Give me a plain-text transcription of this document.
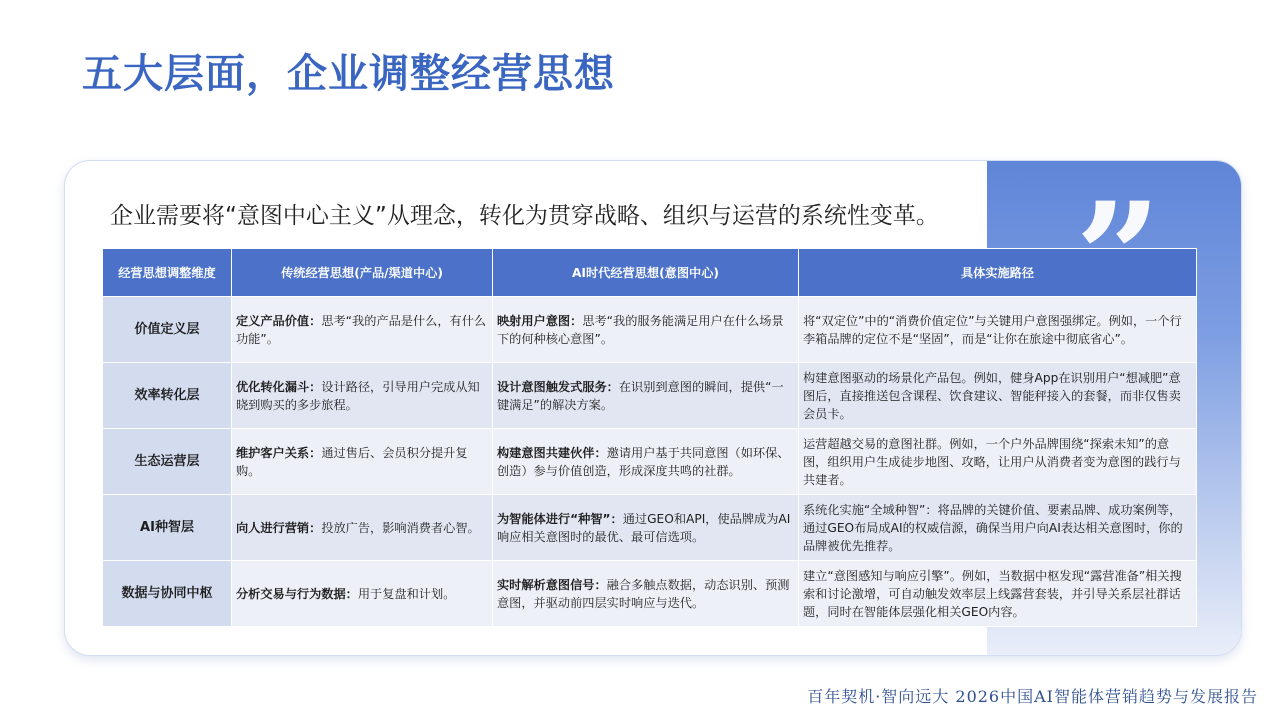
五大层面，企业调整经营思想
企业需要将“意图中心主义”从理念，转化为贯穿战略、组织与运营的系统性变革。
经营思想调整维度	传统经营思想(产品/渠道中心)	AI时代经营思想(意图中心)	具体实施路径
价值定义层	定义产品价值：思考“我的产品是什么，有什么功能”。	映射用户意图：思考“我的服务能满足用户在什么场景下的何种核心意图”。	将“双定位”中的“消费价值定位”与关键用户意图强绑定。例如，一个行李箱品牌的定位不是“坚固”，而是“让你在旅途中彻底省心”。
效率转化层	优化转化漏斗：设计路径，引导用户完成从知晓到购买的多步旅程。	设计意图触发式服务：在识别到意图的瞬间，提供“一键满足”的解决方案。	构建意图驱动的场景化产品包。例如，健身App在识别用户“想减肥”意图后，直接推送包含课程、饮食建议、智能秤接入的套餐，而非仅售卖会员卡。
生态运营层	维护客户关系：通过售后、会员积分提升复购。	构建意图共建伙伴：邀请用户基于共同意图（如环保、创造）参与价值创造，形成深度共鸣的社群。	运营超越交易的意图社群。例如，一个户外品牌围绕“探索未知”的意图，组织用户生成徒步地图、攻略，让用户从消费者变为意图的践行与共建者。
AI种智层	向人进行营销：投放广告，影响消费者心智。	为智能体进行“种智”：通过GEO和API，使品牌成为AI响应相关意图时的最优、最可信选项。	系统化实施“全域种智”：将品牌的关键价值、要素品牌、成功案例等，通过GEO布局成AI的权威信源，确保当用户向AI表达相关意图时，你的品牌被优先推荐。
数据与协同中枢	分析交易与行为数据：用于复盘和计划。	实时解析意图信号：融合多触点数据，动态识别、预测意图，并驱动前四层实时响应与迭代。	建立“意图感知与响应引擎”。例如，当数据中枢发现“露营准备”相关搜索和讨论激增，可自动触发效率层上线露营套装，并引导关系层社群话题，同时在智能体层强化相关GEO内容。
百年契机·智向远大 2026中国AI智能体营销趋势与发展报告
